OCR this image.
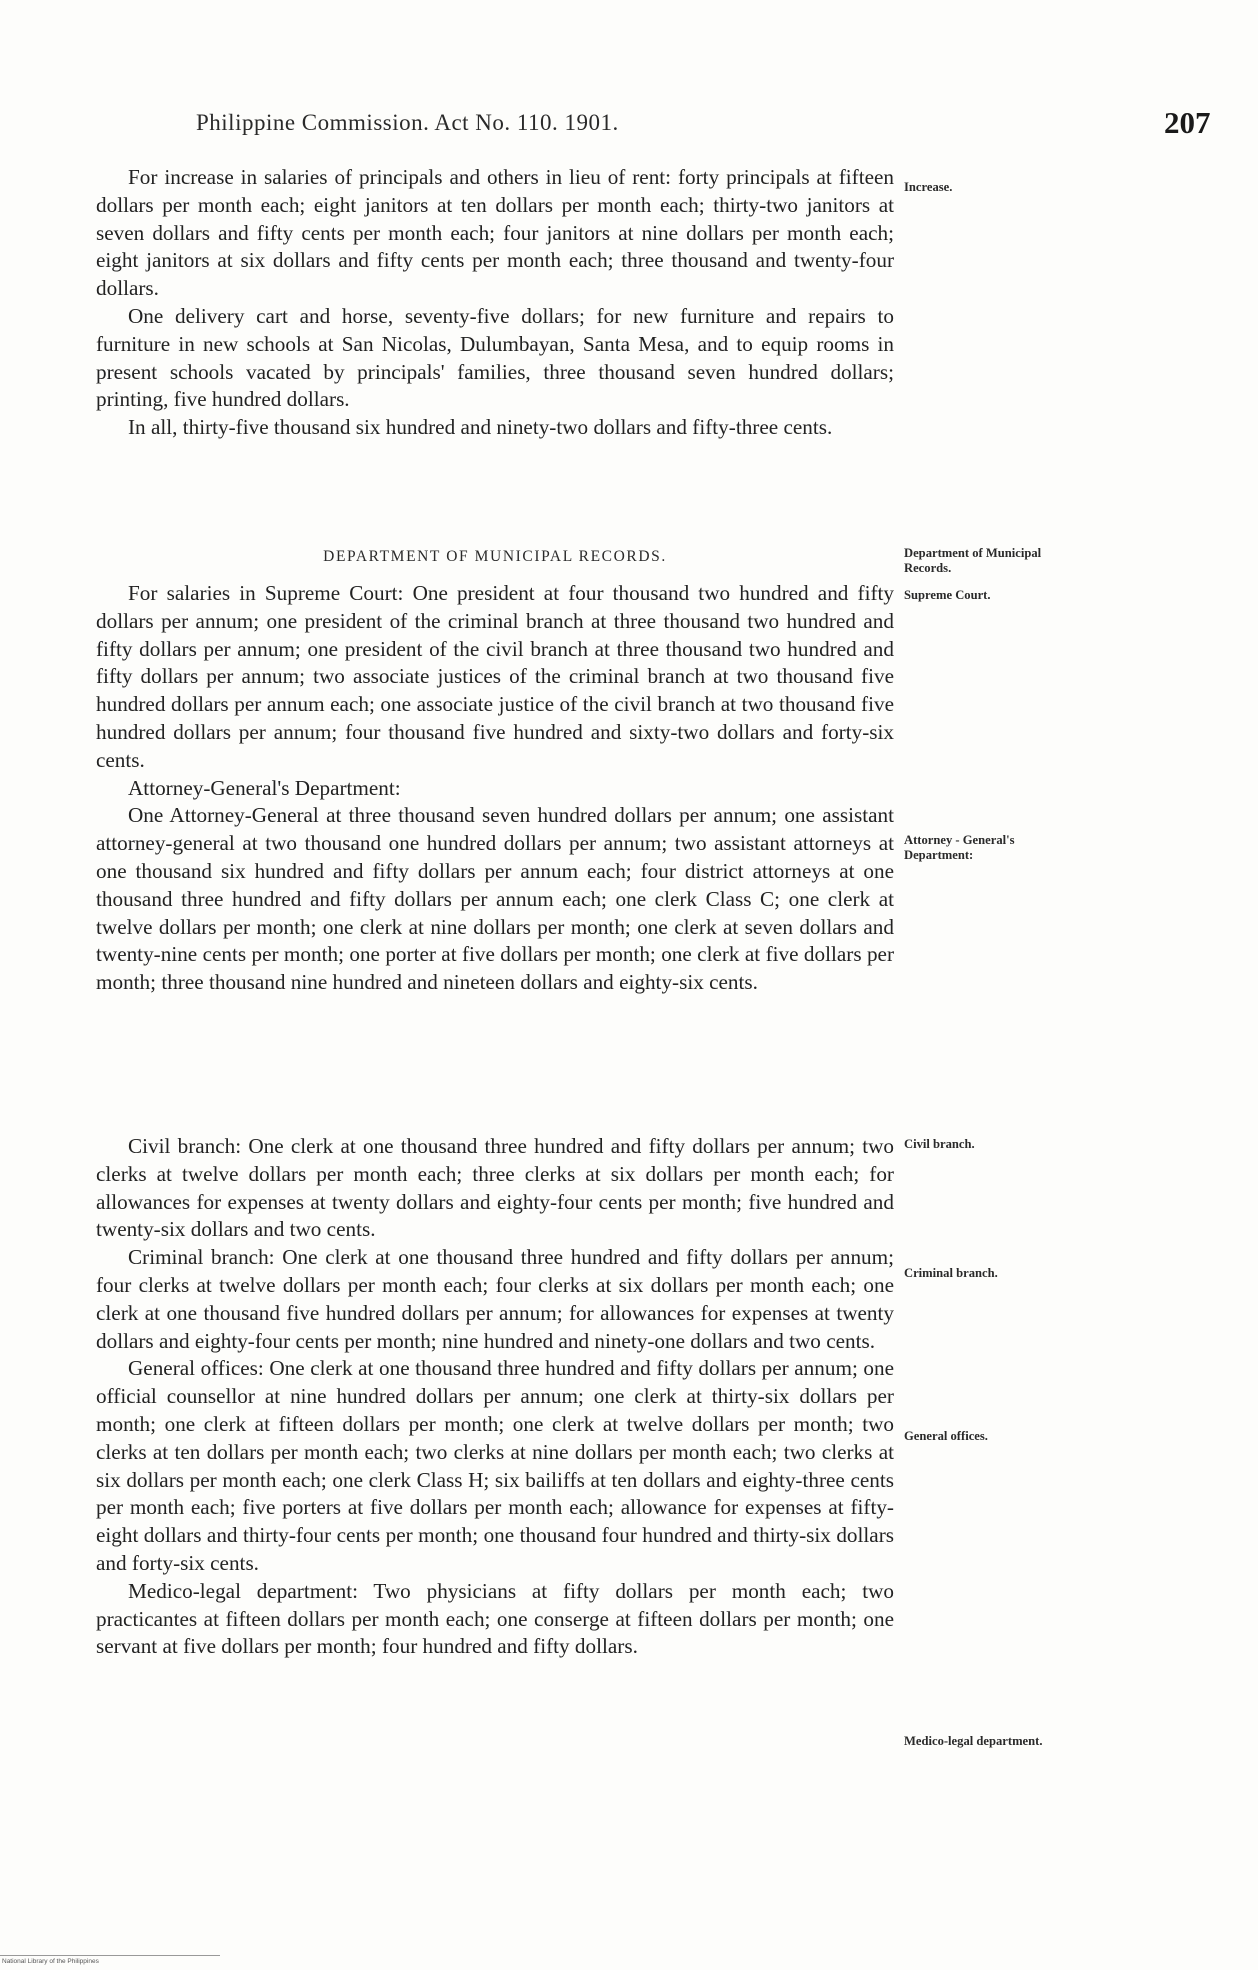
Philippine Commission. Act No. 110. 1901.	207

For increase in salaries of principals and others in lieu of rent: forty principals at fifteen dollars per month each; eight janitors at ten dollars per month each; thirty-two janitors at seven dollars and fifty cents per month each; four janitors at nine dollars per month each; eight janitors at six dollars and fifty cents per month each; three thousand and twenty-four dollars.

One delivery cart and horse, seventy-five dollars; for new furniture and repairs to furniture in new schools at San Nicolas, Dulumbayan, Santa Mesa, and to equip rooms in present schools vacated by principals' families, three thousand seven hundred dollars; printing, five hundred dollars.

In all, thirty-five thousand six hundred and ninety-two dollars and fifty-three cents.

DEPARTMENT OF MUNICIPAL RECORDS.

For salaries in Supreme Court: One president at four thousand two hundred and fifty dollars per annum; one president of the criminal branch at three thousand two hundred and fifty dollars per annum; one president of the civil branch at three thousand two hundred and fifty dollars per annum; two associate justices of the criminal branch at two thousand five hundred dollars per annum each; one associate justice of the civil branch at two thousand five hundred dollars per annum; four thousand five hundred and sixty-two dollars and forty-six cents.

Attorney-General's Department:

One Attorney-General at three thousand seven hundred dollars per annum; one assistant attorney-general at two thousand one hundred dollars per annum; two assistant attorneys at one thousand six hundred and fifty dollars per annum each; four district attorneys at one thousand three hundred and fifty dollars per annum each; one clerk Class C; one clerk at twelve dollars per month; one clerk at nine dollars per month; one clerk at seven dollars and twenty-nine cents per month; one porter at five dollars per month; one clerk at five dollars per month; three thousand nine hundred and nineteen dollars and eighty-six cents.

Civil branch: One clerk at one thousand three hundred and fifty dollars per annum; two clerks at twelve dollars per month each; three clerks at six dollars per month each; for allowances for expenses at twenty dollars and eighty-four cents per month; five hundred and twenty-six dollars and two cents.

Criminal branch: One clerk at one thousand three hundred and fifty dollars per annum; four clerks at twelve dollars per month each; four clerks at six dollars per month each; one clerk at one thousand five hundred dollars per annum; for allowances for expenses at twenty dollars and eighty-four cents per month; nine hundred and ninety-one dollars and two cents.

General offices: One clerk at one thousand three hundred and fifty dollars per annum; one official counsellor at nine hundred dollars per annum; one clerk at thirty-six dollars per month; one clerk at fifteen dollars per month; one clerk at twelve dollars per month; two clerks at ten dollars per month each; two clerks at nine dollars per month each; two clerks at six dollars per month each; one clerk Class H; six bailiffs at ten dollars and eighty-three cents per month each; five porters at five dollars per month each; allowance for expenses at fifty-eight dollars and thirty-four cents per month; one thousand four hundred and thirty-six dollars and forty-six cents.

Medico-legal department: Two physicians at fifty dollars per month each; two practicantes at fifteen dollars per month each; one conserge at fifteen dollars per month; one servant at five dollars per month; four hundred and fifty dollars.

Increase.
Department of Municipal Records.
Supreme Court.
Attorney - General's Department:
Civil branch.
Criminal branch.
General offices.
Medico-legal department.
National Library of the Philippines
